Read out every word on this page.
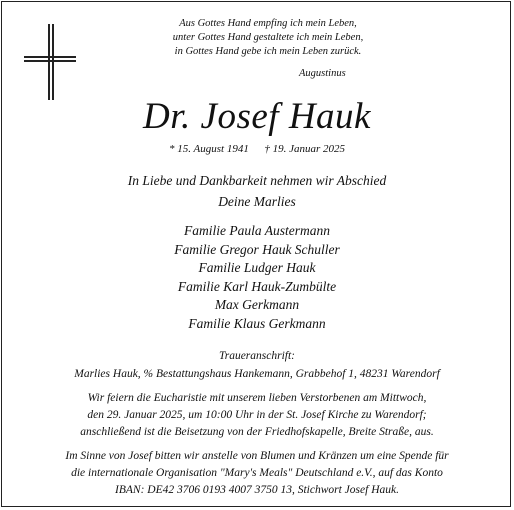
Aus Gottes Hand empfing ich mein Leben,
unter Gottes Hand gestaltete ich mein Leben,
in Gottes Hand gebe ich mein Leben zurück.
Augustinus
Dr. Josef Hauk
* 15. August 1941 † 19. Januar 2025
In Liebe und Dankbarkeit nehmen wir Abschied
Deine Marlies
Familie Paula Austermann
Familie Gregor Hauk Schuller
Familie Ludger Hauk
Familie Karl Hauk-Zumbülte
Max Gerkmann
Familie Klaus Gerkmann
Traueranschrift:
Marlies Hauk, % Bestattungshaus Hankemann, Grabbehof 1, 48231 Warendorf
Wir feiern die Eucharistie mit unserem lieben Verstorbenen am Mittwoch,
den 29. Januar 2025, um 10:00 Uhr in der St. Josef Kirche zu Warendorf;
anschließend ist die Beisetzung von der Friedhofskapelle, Breite Straße, aus.
Im Sinne von Josef bitten wir anstelle von Blumen und Kränzen um eine Spende für
die internationale Organisation "Mary's Meals" Deutschland e.V., auf das Konto
IBAN: DE42 3706 0193 4007 3750 13, Stichwort Josef Hauk.
